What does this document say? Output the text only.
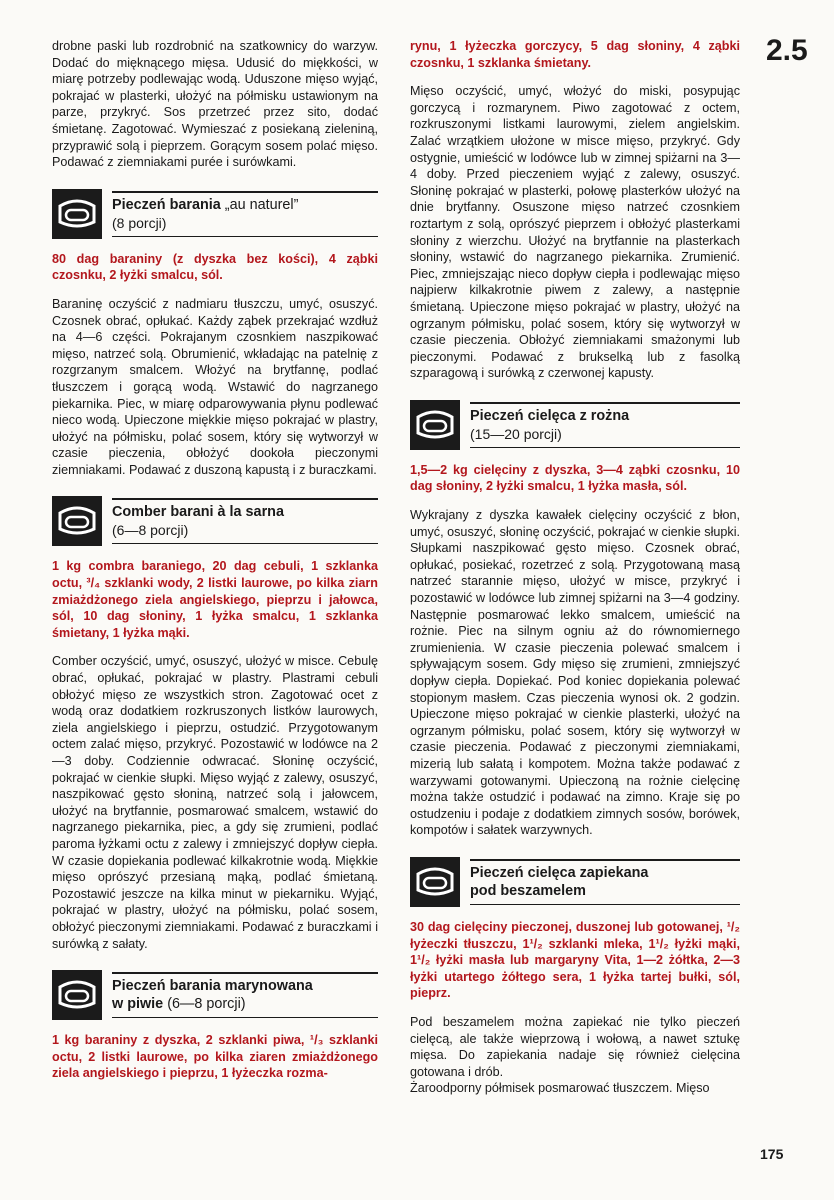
2.5

drobne paski lub rozdrobnić na szatkownicy do warzyw. Dodać do mięknącego mięsa. Udusić do miękkości, w miarę potrzeby podlewając wodą. Uduszone mięso wyjąć, pokrajać w plasterki, ułożyć na półmisku ustawionym na parze, przykryć. Sos przetrzeć przez sito, dodać śmietanę. Zagotować. Wymieszać z posiekaną zieleniną, przyprawić solą i pieprzem. Gorącym sosem polać mięso. Podawać z ziemniakami purée i surówkami.

Pieczeń barania „au naturel”
(8 porcji)
80 dag baraniny (z dyszka bez kości), 4 ząbki czosnku, 2 łyżki smalcu, sól.

Baraninę oczyścić z nadmiaru tłuszczu, umyć, osuszyć. Czosnek obrać, opłukać. Każdy ząbek przekrajać wzdłuż na 4—6 części. Pokrajanym czosnkiem naszpikować mięso, natrzeć solą. Obrumienić, wkładając na patelnię z rozgrzanym smalcem. Włożyć na brytfannę, podlać tłuszczem i gorącą wodą. Wstawić do nagrzanego piekarnika. Piec, w miarę odparowywania płynu podlewać nieco wodą. Upieczone miękkie mięso pokrajać w plastry, ułożyć na półmisku, polać sosem, który się wytworzył w czasie pieczenia, obłożyć dookoła pieczonymi ziemniakami. Podawać z duszoną kapustą i z buraczkami.

Comber barani à la sarna
(6—8 porcji)
1 kg combra baraniego, 20 dag cebuli, 1 szklanka octu, ³/₄ szklanki wody, 2 listki laurowe, po kilka ziarn zmiażdżonego ziela angielskiego, pieprzu i jałowca, sól, 10 dag słoniny, 1 łyżka smalcu, 1 szklanka śmietany, 1 łyżka mąki.

Comber oczyścić, umyć, osuszyć, ułożyć w misce. Cebulę obrać, opłukać, pokrajać w plastry. Plastrami cebuli obłożyć mięso ze wszystkich stron. Zagotować ocet z wodą oraz dodatkiem rozkruszonych listków laurowych, ziela angielskiego i pieprzu, ostudzić. Przygotowanym octem zalać mięso, przykryć. Pozostawić w lodówce na 2—3 doby. Codziennie odwracać. Słoninę oczyścić, pokrajać w cienkie słupki. Mięso wyjąć z zalewy, osuszyć, naszpikować gęsto słoniną, natrzeć solą i jałowcem, ułożyć na brytfannie, posmarować smalcem, wstawić do nagrzanego piekarnika, piec, a gdy się zrumieni, podlać paroma łyżkami octu z zalewy i zmniejszyć dopływ ciepła. W czasie dopiekania podlewać kilkakrotnie wodą. Miękkie mięso oprószyć przesianą mąką, podlać śmietaną. Pozostawić jeszcze na kilka minut w piekarniku. Wyjąć, pokrajać w plastry, ułożyć na półmisku, polać sosem, obłożyć pieczonymi ziemniakami. Podawać z buraczkami i surówką z sałaty.

Pieczeń barania marynowana
w piwie (6—8 porcji)
1 kg baraniny z dyszka, 2 szklanki piwa, ¹/₃ szklanki octu, 2 listki laurowe, po kilka ziaren zmiażdżonego ziela angielskiego i pieprzu, 1 łyżeczka rozma-
rynu, 1 łyżeczka gorczycy, 5 dag słoniny, 4 ząbki czosnku, 1 szklanka śmietany.

Mięso oczyścić, umyć, włożyć do miski, posypując gorczycą i rozmarynem. Piwo zagotować z octem, rozkruszonymi listkami laurowymi, zielem angielskim. Zalać wrzątkiem ułożone w misce mięso, przykryć. Gdy ostygnie, umieścić w lodówce lub w zimnej spiżarni na 3—4 doby. Przed pieczeniem wyjąć z zalewy, osuszyć. Słoninę pokrajać w plasterki, połowę plasterków ułożyć na dnie brytfanny. Osuszone mięso natrzeć czosnkiem roztartym z solą, oprószyć pieprzem i obłożyć plasterkami słoniny z wierzchu. Ułożyć na brytfannie na plasterkach słoniny, wstawić do nagrzanego piekarnika. Zrumienić. Piec, zmniejszając nieco dopływ ciepła i podlewając mięso najpierw kilkakrotnie piwem z zalewy, a następnie śmietaną. Upieczone mięso pokrajać w plastry, ułożyć na ogrzanym półmisku, polać sosem, który się wytworzył w czasie pieczenia. Obłożyć ziemniakami smażonymi lub pieczonymi. Podawać z brukselką lub z fasolką szparagową i surówką z czerwonej kapusty.

Pieczeń cielęca z rożna
(15—20 porcji)
1,5—2 kg cielęciny z dyszka, 3—4 ząbki czosnku, 10 dag słoniny, 2 łyżki smalcu, 1 łyżka masła, sól.

Wykrajany z dyszka kawałek cielęciny oczyścić z błon, umyć, osuszyć, słoninę oczyścić, pokrajać w cienkie słupki. Słupkami naszpikować gęsto mięso. Czosnek obrać, opłukać, posiekać, rozetrzeć z solą. Przygotowaną masą natrzeć starannie mięso, ułożyć w misce, przykryć i pozostawić w lodówce lub zimnej spiżarni na 3—4 godziny. Następnie posmarować lekko smalcem, umieścić na rożnie. Piec na silnym ogniu aż do równomiernego zrumienienia. W czasie pieczenia polewać smalcem i spływającym sosem. Gdy mięso się zrumieni, zmniejszyć dopływ ciepła. Dopiekać. Pod koniec dopiekania polewać stopionym masłem. Czas pieczenia wynosi ok. 2 godzin. Upieczone mięso pokrajać w cienkie plasterki, ułożyć na ogrzanym półmisku, polać sosem, który się wytworzył w czasie pieczenia. Podawać z pieczonymi ziemniakami, mizerią lub sałatą i kompotem. Można także podawać z warzywami gotowanymi. Upieczoną na rożnie cielęcinę można także ostudzić i podawać na zimno. Kraje się po ostudzeniu i podaje z dodatkiem zimnych sosów, borówek, kompotów i sałatek warzywnych.

Pieczeń cielęca zapiekana
pod beszamelem
30 dag cielęciny pieczonej, duszonej lub gotowanej, ¹/₂ łyżeczki tłuszczu, 1¹/₂ szklanki mleka, 1¹/₂ łyżki mąki, 1¹/₂ łyżki masła lub margaryny Vita, 1—2 żółtka, 2—3 łyżki utartego żółtego sera, 1 łyżka tartej bułki, sól, pieprz.

Pod beszamelem można zapiekać nie tylko pieczeń cielęcą, ale także wieprzową i wołową, a nawet sztukę mięsa. Do zapiekania nadaje się również cielęcina gotowana i drób.

Żaroodporny półmisek posmarować tłuszczem. Mięso

175
